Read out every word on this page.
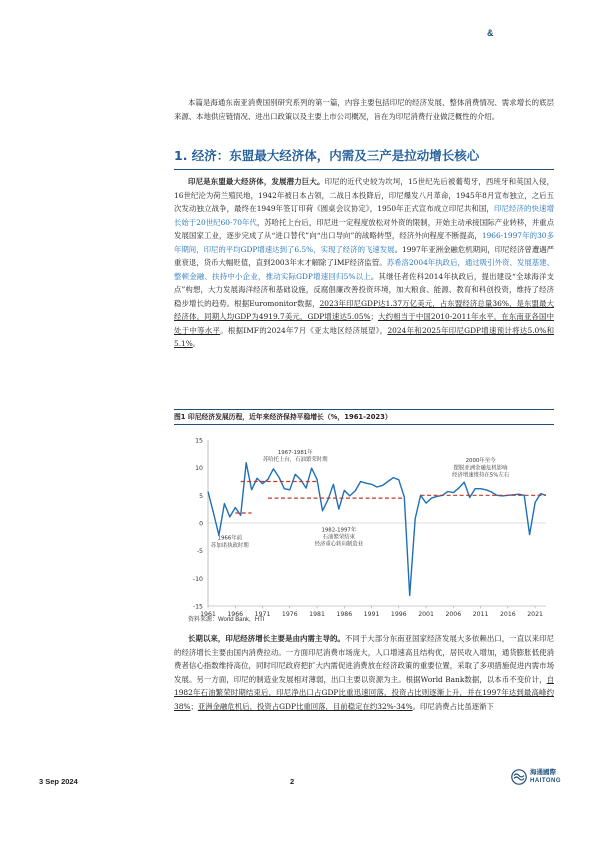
&

本篇是海通东南亚消费国别研究系列的第一篇，内容主要包括印尼的经济发展、整体消费情况、需求增长的底层来源、本地供应链情况、进出口政策以及主要上市公司概况，旨在为印尼消费行业做泛概性的介绍。

1. 经济：东盟最大经济体，内需及三产是拉动增长核心

印尼是东盟最大经济体，发展潜力巨大。印尼的近代史较为坎坷，15世纪先后被葡萄牙，西班牙和英国入侵，16世纪沦为荷兰殖民地，1942年被日本占领，二战日本投降后，印尼爆发八月革命，1945年8月宣布独立，之后五次发动独立战争，最终在1949年签订印荷《圆桌会议协定》，1950年正式宣布成立印尼共和国，印尼经济的快速增长始于20世纪60-70年代，苏哈托上台后，印尼进一定程度放松对外资的限制，开始主动承接国际产业转移，并重点发展国家工业，逐步完成了从“进口替代”向“出口导向”的战略转型，经济外向程度不断提高，1966-1997年的30多年期间，印尼的平均GDP增速达到了6.5%，实现了经济的飞速发展。1997年亚洲金融危机期间，印尼经济曾遭遇严重衰退，货币大幅贬值，直到2003年末才解除了IMF经济监管。苏希洛2004年执政后，通过吸引外资、发展基建、整顿金融、扶持中小企业，推动实际GDP增速回归5%以上。其继任者佐科2014年执政后，提出建设“全球海洋支点”构想，大力发展海洋经济和基础设施，反腐倡廉改善投资环境，加大粮食、能源、教育和科创投资，维持了经济稳步增长的趋势。根据Euromonitor数据，2023年印尼GDP达1.37万亿美元，占东盟经济总量36%，是东盟最大经济体，同期人均GDP为4919.7美元，GDP增速达5.05%；大约相当于中国2010-2011年水平，在东南亚各国中处于中等水平。根据IMF的2024年7月《亚太地区经济展望》，2024年和2025年印尼GDP增速预计将达5.0%和5.1%。

图1 印尼经济发展历程，近年来经济保持平稳增长（%，1961-2023）
15
10
5
0
-5
-10
-15
1961 1966 1971 1976 1981 1986 1991 1996 2001 2006 2011 2016 2021
1967-1981年苏哈托上台，石油繁荣时期
1966年前苏加诺执政时期
1982-1997年石油繁荣结束经济重心转向制造业
2000年至今摆脱亚洲金融危机影响经济增速维持在5%左右
资料来源：World Bank，HTI

长期以来，印尼经济增长主要是由内需主导的。不同于大部分东南亚国家经济发展大多依赖出口，一直以来印尼的经济增长主要由国内消费拉动。一方面印尼消费市场庞大，人口增速高且结构优，居民收入增加，通货膨胀低使消费者信心指数维持高位，同时印尼政府把扩大内需促进消费放在经济政策的重要位置，采取了多项措施促进内需市场发展。另一方面，印尼的制造业发展相对薄弱，出口主要以资源为主。根据World Bank数据，以本币不变价计，自1982年石油繁荣时期结束后，印尼净出口占GDP比重迅速回落，投资占比则逐渐上升，并在1997年达到最高峰约38%；亚洲金融危机后，投资占GDP比重回落，目前稳定在约32%-34%。印尼消费占比虽逐渐下

3 Sep 2024	2
海通國際
HAITONG
